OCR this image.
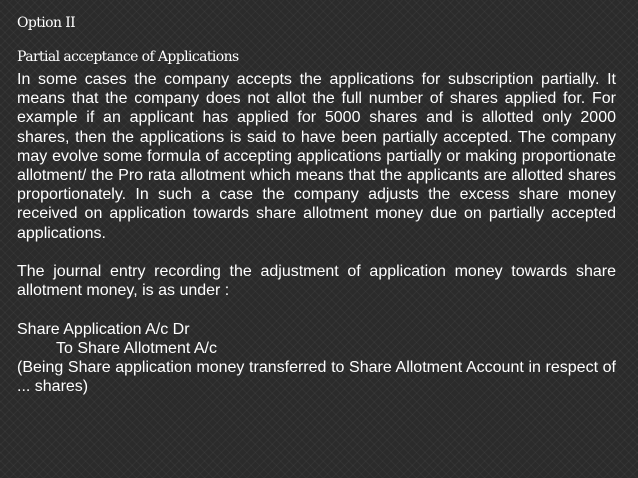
Option II
Partial acceptance of Applications

In some cases the company accepts the applications for subscription partially. It means that the company does not allot the full number of shares applied for. For example if an applicant has applied for 5000 shares and is allotted only 2000 shares, then the applications is said to have been partially accepted. The company may evolve some formula of accepting applications partially or making proportionate allotment/ the Pro rata allotment which means that the applicants are allotted shares proportionately. In such a case the company adjusts the excess share money received on application towards share allotment money due on partially accepted applications.

The journal entry recording the adjustment of application money towards share allotment money, is as under :

Share Application A/c Dr
To Share Allotment A/c

(Being Share application money transferred to Share Allotment Account in respect of ... shares)
